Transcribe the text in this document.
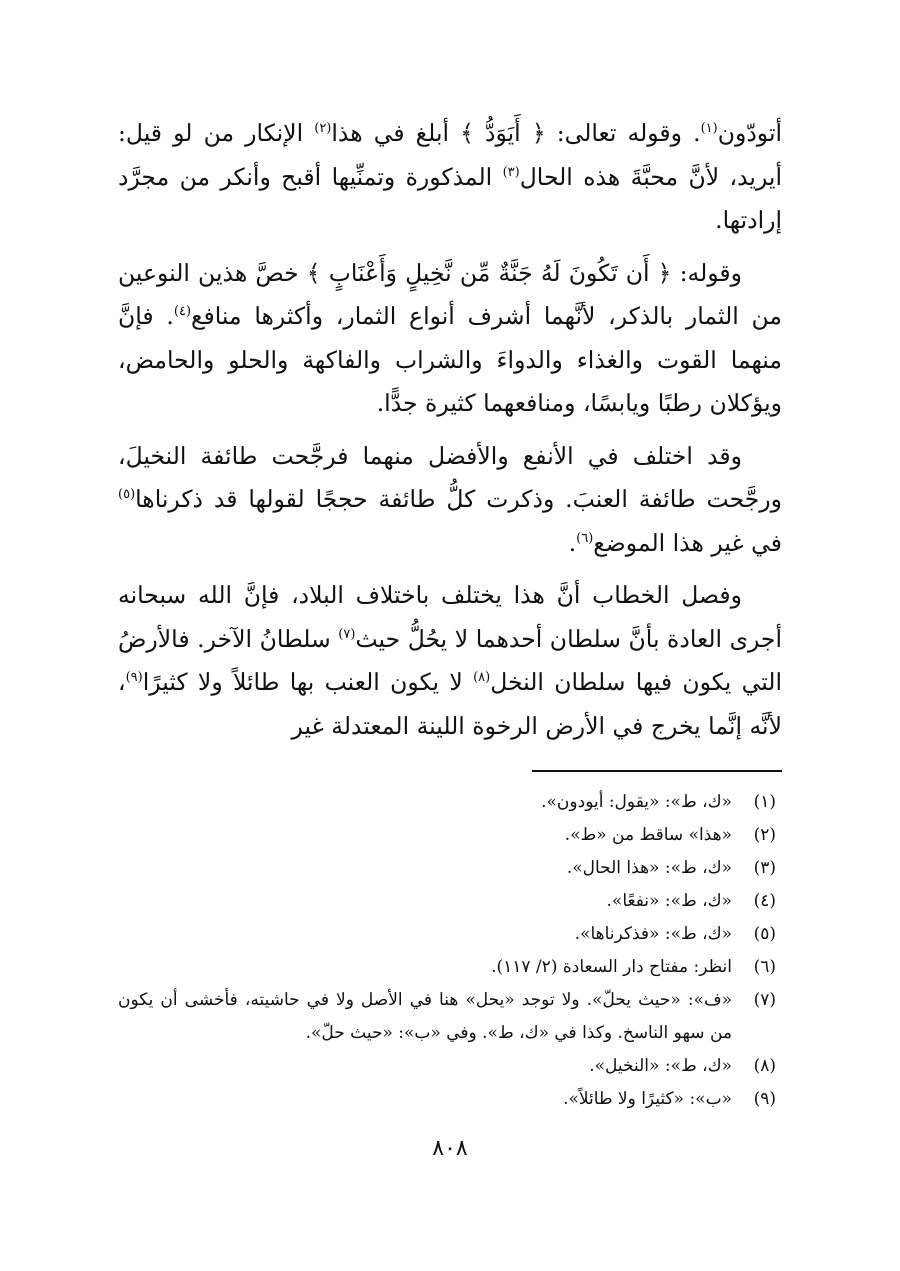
أتودّون$^{(١)}$. وقوله تعالى: ﴿ أَيَوَدُّ ﴾ أبلغ في هذا$^{(٢)}$ الإنكار من لو قيل: أيريد، لأنَّ محبَّةَ هذه الحال$^{(٣)}$ المذكورة وتمنِّيها أقبح وأنكر من مجرَّد إرادتها.

وقوله: ﴿ أَن تَكُونَ لَهُ جَنَّةٌ مِّن نَّخِيلٍ وَأَعْنَابٍ ﴾ خصَّ هذين النوعين من الثمار بالذكر، لأنَّهما أشرف أنواع الثمار، وأكثرها منافع$^{(٤)}$. فإنَّ منهما القوت والغذاء والدواءَ والشراب والفاكهة والحلو والحامض، ويؤكلان رطبًا ويابسًا، ومنافعهما كثيرة جدًّا.

وقد اختلف في الأنفع والأفضل منهما فرجَّحت طائفة النخيلَ، ورجَّحت طائفة العنبَ. وذكرت كلُّ طائفة حججًا لقولها قد ذكرناها$^{(٥)}$ في غير هذا الموضع$^{(٦)}$.

وفصل الخطاب أنَّ هذا يختلف باختلاف البلاد، فإنَّ الله سبحانه أجرى العادة بأنَّ سلطان أحدهما لا يحُلُّ حيث$^{(٧)}$ سلطانُ الآخر. فالأرضُ التي يكون فيها سلطان النخل$^{(٨)}$ لا يكون العنب بها طائلاً ولا كثيرًا$^{(٩)}$، لأنَّه إنَّما يخرج في الأرض الرخوة اللينة المعتدلة غير

(١)
«ك، ط»: «يقول: أيودون».
(٢)
«هذا» ساقط من «ط».
(٣)
«ك، ط»: «هذا الحال».
(٤)
«ك، ط»: «نفعًا».
(٥)
«ك، ط»: «فذكرناها».
(٦)
انظر: مفتاح دار السعادة (٢/ ١١٧).
(٧)
«ف»: «حيث يحلّ». ولا توجد «يحل» هنا في الأصل ولا في حاشيته، فأخشى أن يكون من سهو الناسخ. وكذا في «ك، ط». وفي «ب»: «حيث حلّ».
(٨)
«ك، ط»: «النخيل».
(٩)
«ب»: «كثيرًا ولا طائلاً».
٨٠٨
